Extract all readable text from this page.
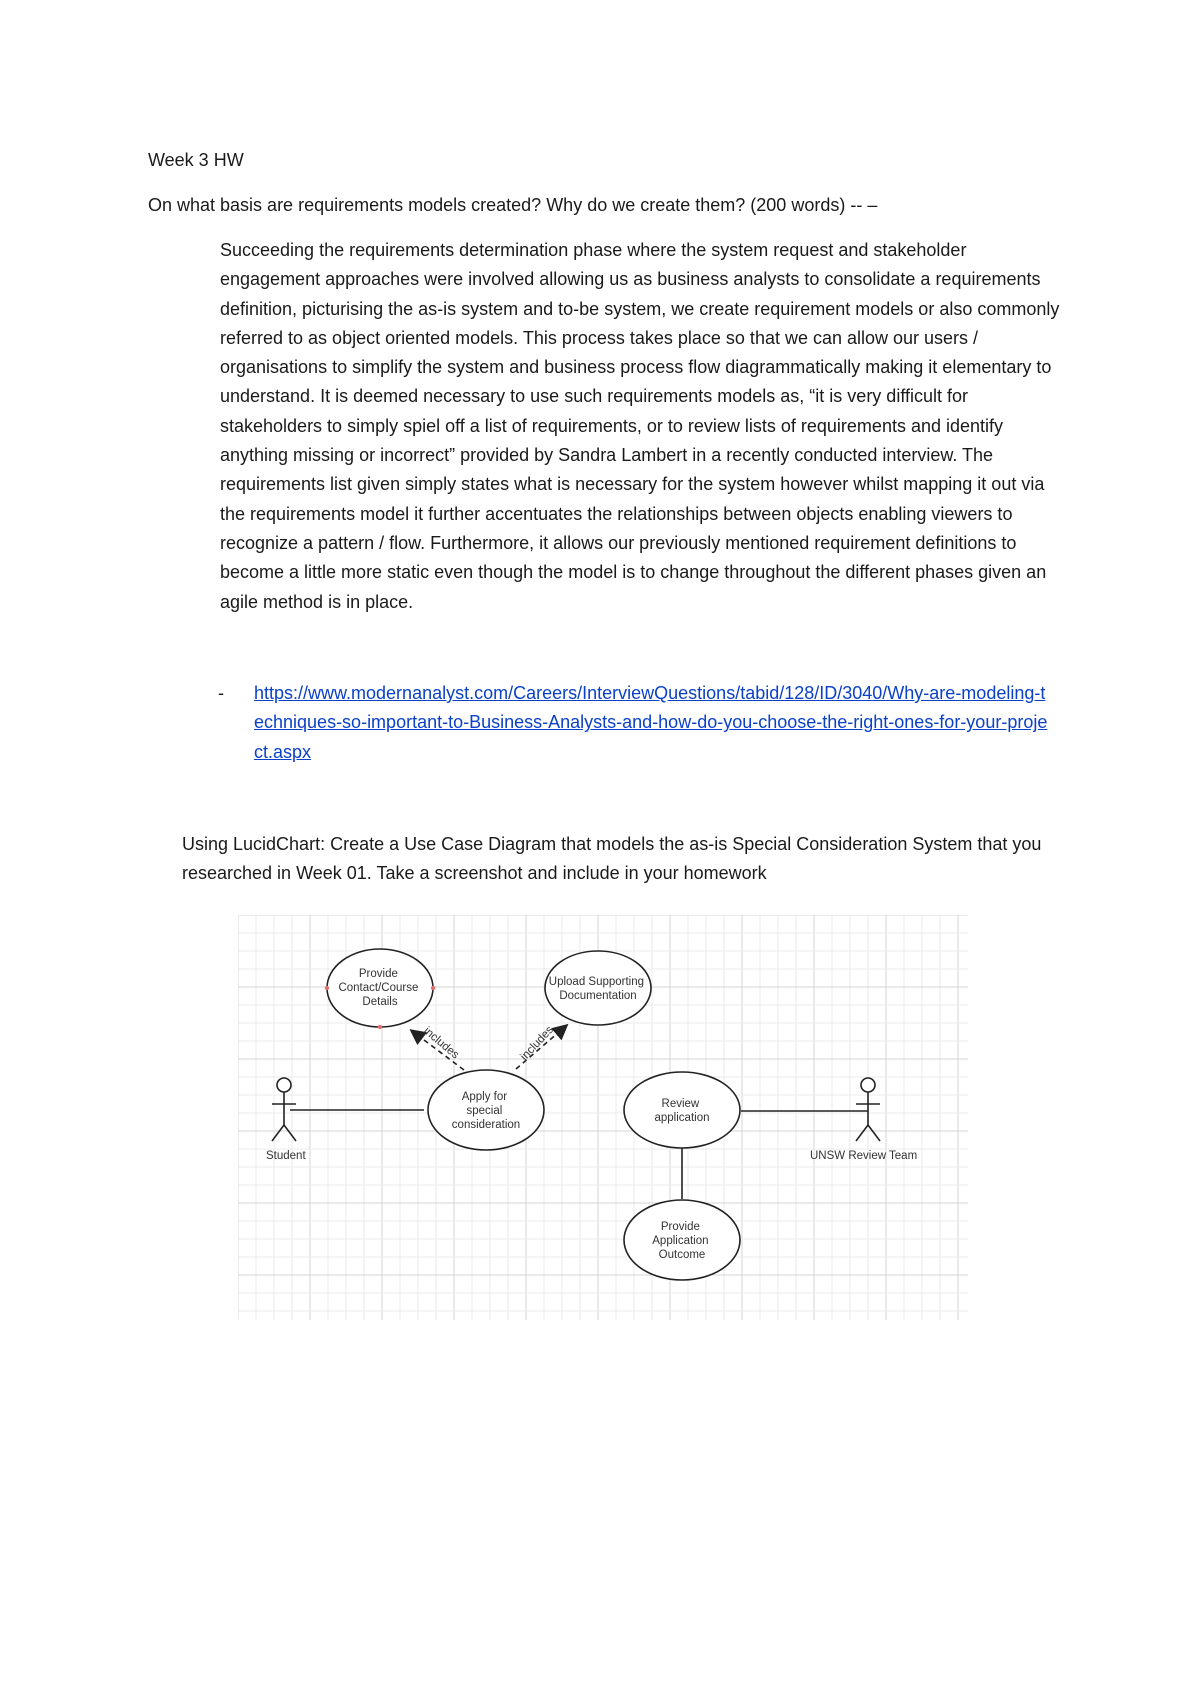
Week 3 HW
On what basis are requirements models created? Why do we create them? (200 words) -- –

Succeeding the requirements determination phase where the system request and stakeholder engagement approaches were involved allowing us as business analysts to consolidate a requirements definition, picturising the as-is system and to-be system, we create requirement models or also commonly referred to as object oriented models. This process takes place so that we can allow our users / organisations to simplify the system and business process flow diagrammatically making it elementary to understand. It is deemed necessary to use such requirements models as, “it is very difficult for stakeholders to simply spiel off a list of requirements, or to review lists of requirements and identify anything missing or incorrect” provided by Sandra Lambert in a recently conducted interview. The requirements list given simply states what is necessary for the system however whilst mapping it out via the requirements model it further accentuates the relationships between objects enabling viewers to recognize a pattern / flow. Furthermore, it allows our previously mentioned requirement definitions to become a little more static even though the model is to change throughout the different phases given an agile method is in place.

- https://www.modernanalyst.com/Careers/InterviewQuestions/tabid/128/ID/3040/Why-are-modeling-techniques-so-important-to-Business-Analysts-and-how-do-you-choose-the-right-ones-for-your-project.aspx
Using LucidChart: Create a Use Case Diagram that models the as-is Special Consideration System that you researched in Week 01. Take a screenshot and include in your homework
includes	includes
Provide Contact/Course Details
Upload Supporting Documentation
Apply for special consideration
Review application
Provide Application Outcome
Student	UNSW Review Team
